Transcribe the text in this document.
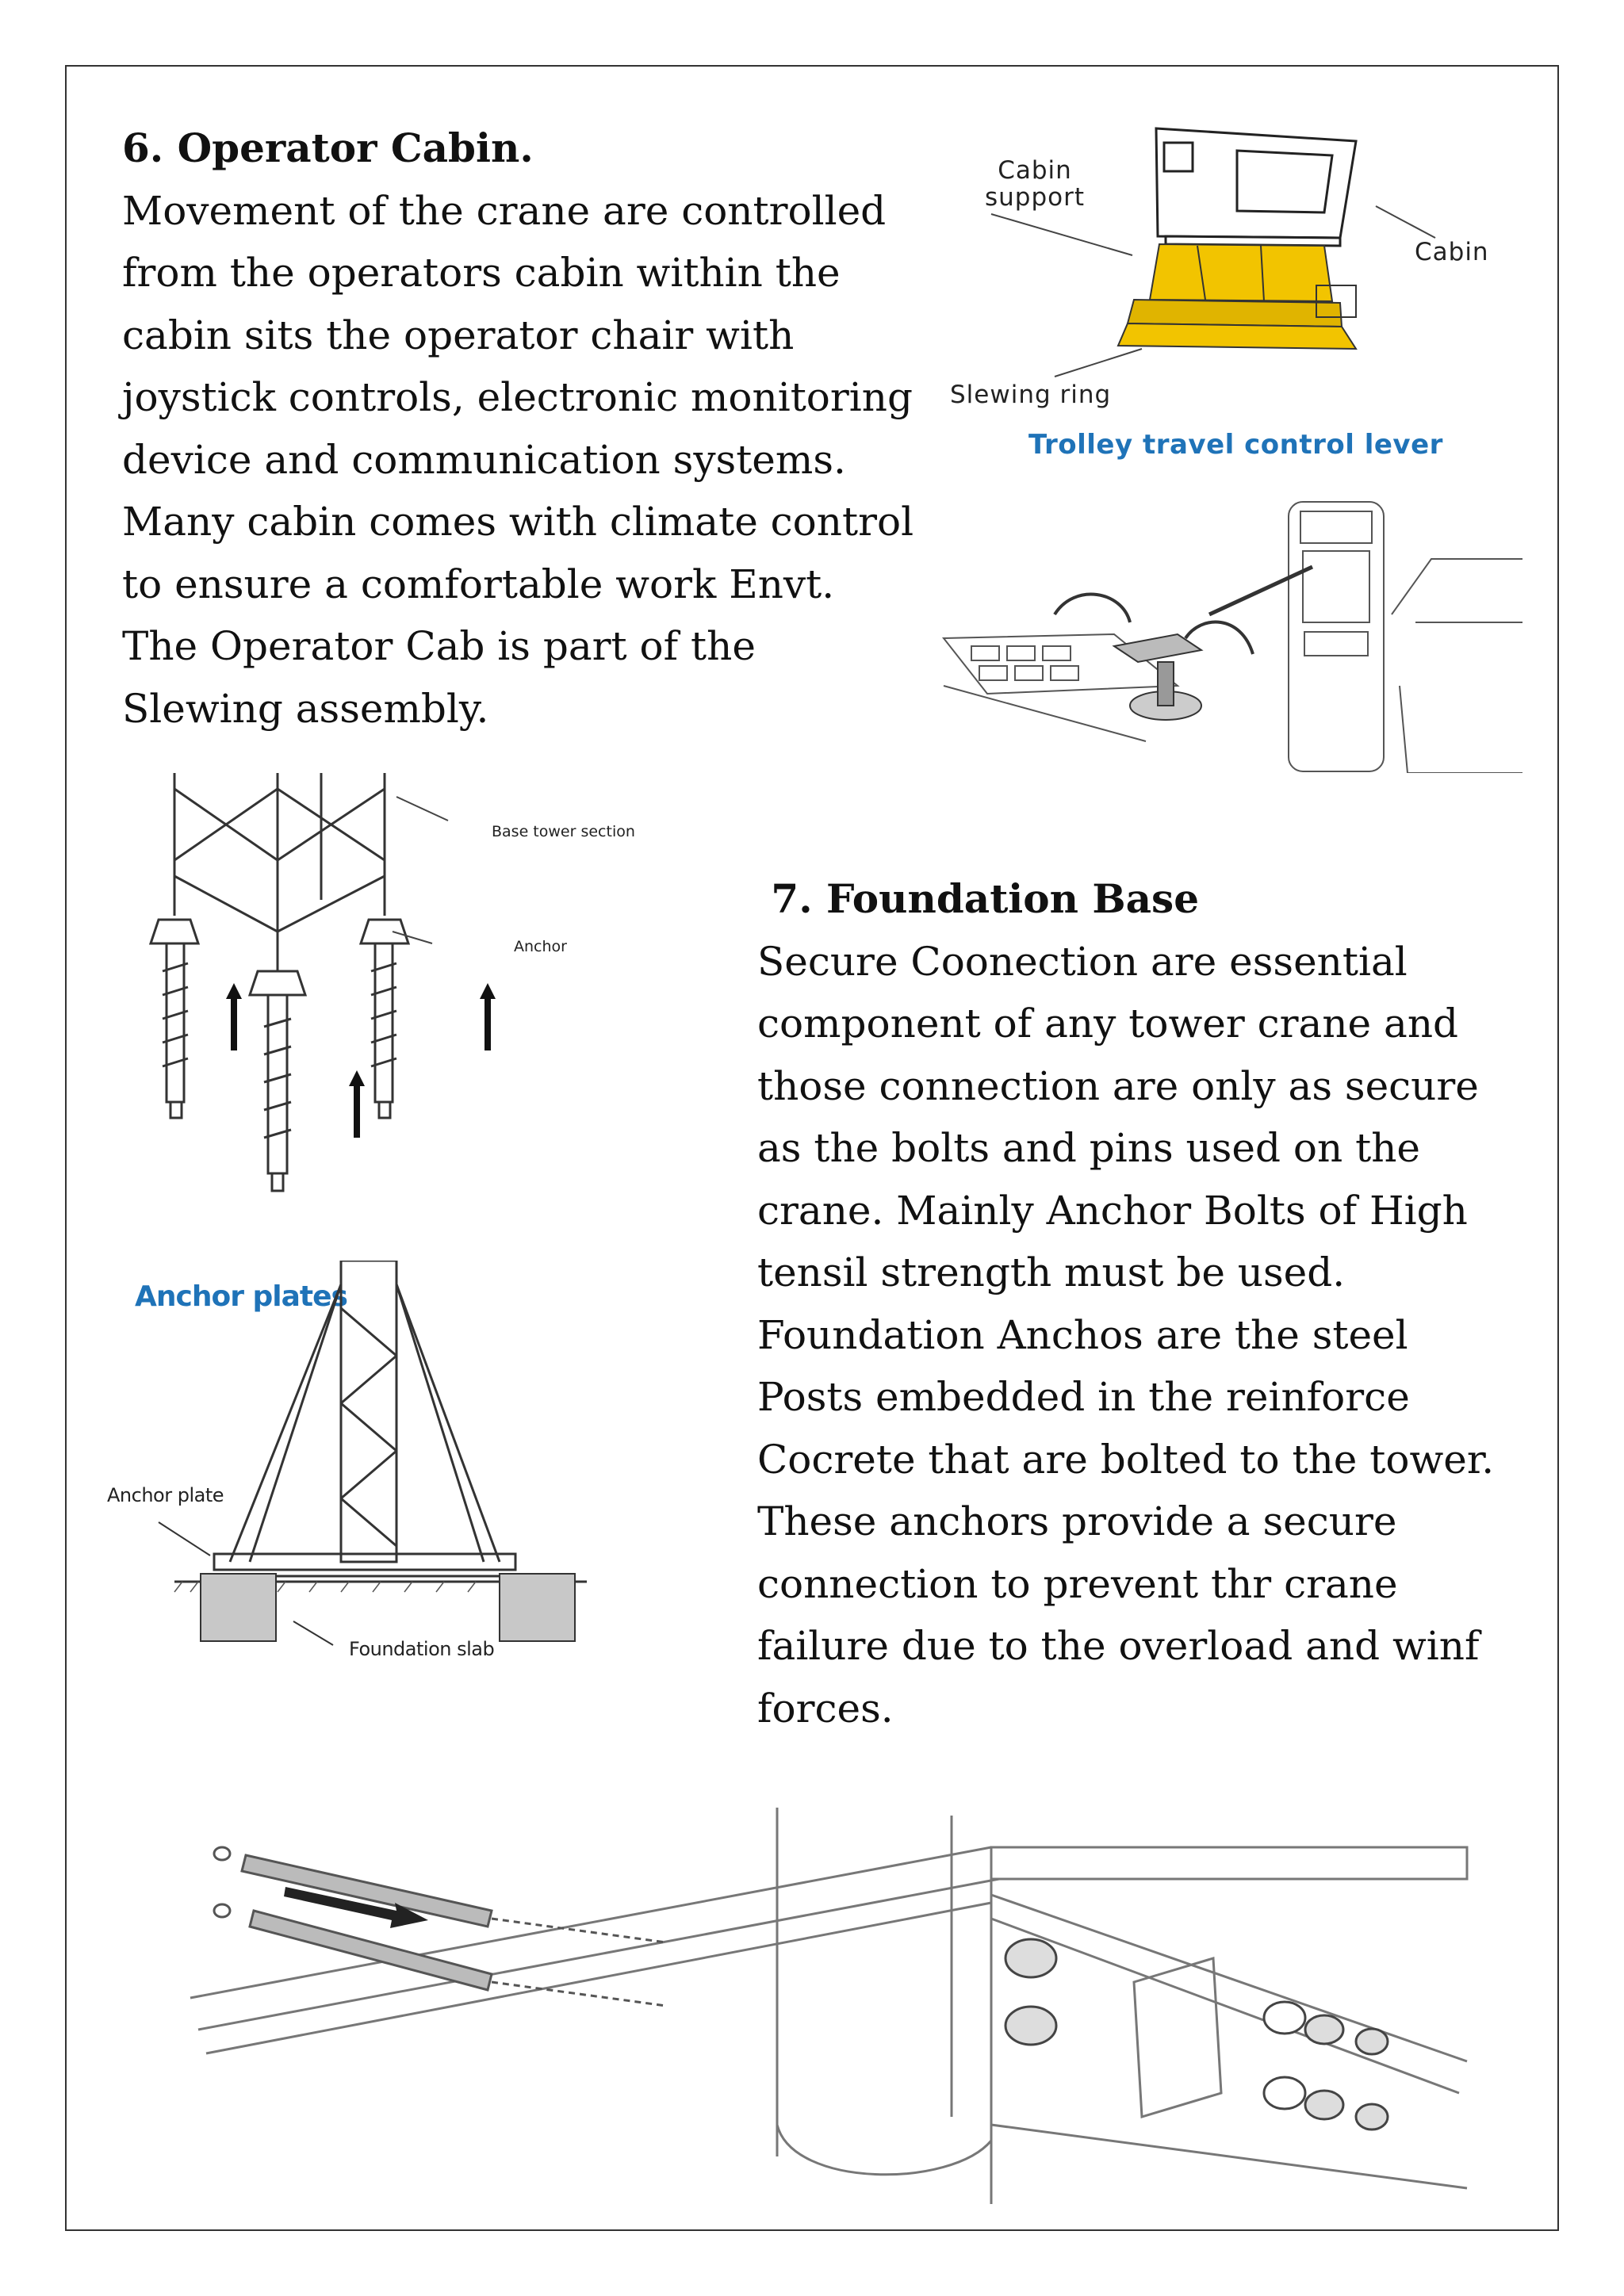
6. Operator Cabin.
Movement of the crane are controlled from the operators cabin within the cabin sits the operator chair with joystick controls, electronic monitoring device and communication systems. Many cabin comes with climate control to ensure a comfortable work Envt. The Operator Cab is part of the Slewing assembly.
Cabin support
Cabin
Slewing ring
Trolley travel control lever
Base tower section
Anchor
Anchor plates
Anchor plate
Foundation slab
7. Foundation Base
Secure Coonection are essential component of any tower crane and those connection are only as secure as the bolts and pins used on the crane. Mainly Anchor Bolts of High tensil strength must be used.
Foundation Anchos are the steel Posts embedded in the reinforce Cocrete that are bolted to the tower. These anchors provide a secure connection to prevent thr crane failure due to the overload and winf forces.
